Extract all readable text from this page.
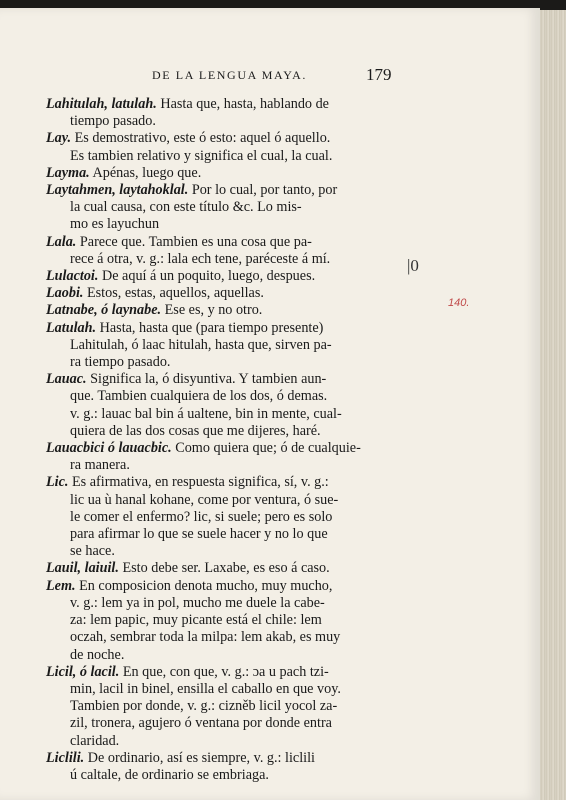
DE LA LENGUA MAYA.	179
|0
140.
Lahitulah, latulah. Hasta que, hasta, hablando de
tiempo pasado.
Lay. Es demostrativo, este ó esto: aquel ó aquello.
Es tambien relativo y significa el cual, la cual.
Layma. Apénas, luego que.
Laytahmen, laytahoklal. Por lo cual, por tanto, por
la cual causa, con este título &c. Lo mis-
mo es layuchun
Lala. Parece que. Tambien es una cosa que pa-
rece á otra, v. g.: lala ech tene, paréceste á mí.
Lulactoi. De aquí á un poquito, luego, despues.
Laobi. Estos, estas, aquellos, aquellas.
Latnabe, ó laynabe. Ese es, y no otro.
Latulah. Hasta, hasta que (para tiempo presente)
Lahitulah, ó laac hitulah, hasta que, sirven pa-
ra tiempo pasado.
Lauac. Significa la, ó disyuntiva. Y tambien aun-
que. Tambien cualquiera de los dos, ó demas.
v. g.: lauac bal bin á ualtene, bin in mente, cual-
quiera de las dos cosas que me dijeres, haré.
Lauacbici ó lauacbic. Como quiera que; ó de cualquie-
ra manera.
Lic. Es afirmativa, en respuesta significa, sí, v. g.:
lic ua ù hanal kohane, come por ventura, ó sue-
le comer el enfermo? lic, si suele; pero es solo
para afirmar lo que se suele hacer y no lo que
se hace.
Lauil, laiuil. Esto debe ser. Laxabe, es eso á caso.
Lem. En composicion denota mucho, muy mucho,
v. g.: lem ya in pol, mucho me duele la cabe-
za: lem papic, muy picante está el chile: lem
oczah, sembrar toda la milpa: lem akab, es muy
de noche.
Licil, ó lacil. En que, con que, v. g.: ɔa u pach tzi-
min, lacil in binel, ensilla el caballo en que voy.
Tambien por donde, v. g.: cizněb licil yocol za-
zil, tronera, agujero ó ventana por donde entra
claridad.
Liclili. De ordinario, así es siempre, v. g.: liclili
ú caltale, de ordinario se embriaga.
